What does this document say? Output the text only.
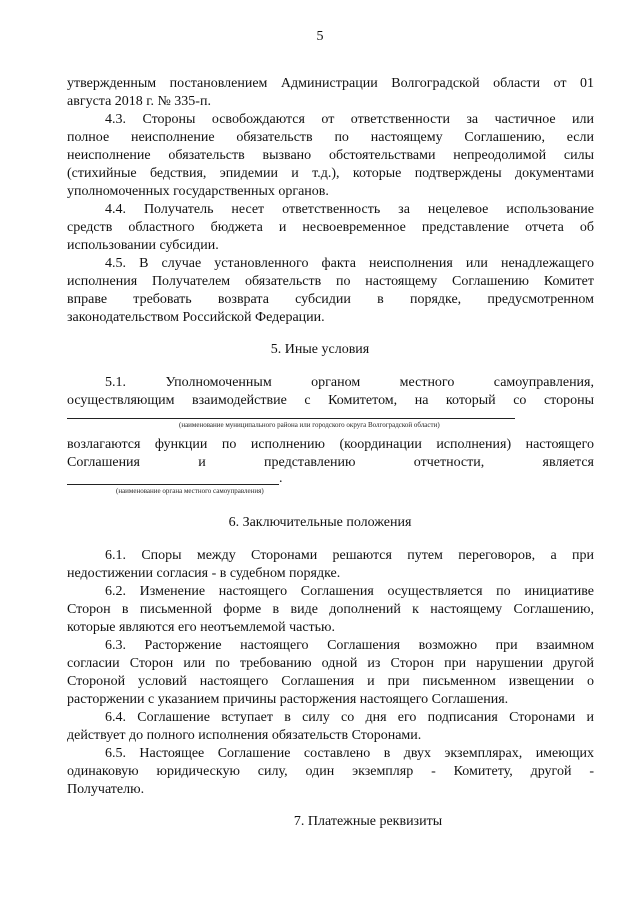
5
утвержденным постановлением Администрации Волгоградской области от 01
августа 2018 г. № 335-п.
4.3. Стороны освобождаются от ответственности за частичное или
полное неисполнение обязательств по настоящему Соглашению, если
неисполнение обязательств вызвано обстоятельствами непреодолимой силы
(стихийные бедствия, эпидемии и т.д.), которые подтверждены документами
уполномоченных государственных органов.
4.4. Получатель несет ответственность за нецелевое использование
средств областного бюджета и несвоевременное представление отчета об
использовании субсидии.
4.5. В случае установленного факта неисполнения или ненадлежащего
исполнения Получателем обязательств по настоящему Соглашению Комитет
вправе требовать возврата субсидии в порядке, предусмотренном
законодательством Российской Федерации.
5. Иные условия
5.1. Уполномоченным органом местного самоуправления,
осуществляющим взаимодействие с Комитетом, на который со стороны
(наименование муниципального района или городского округа Волгоградской области)
возлагаются функции по исполнению (координации исполнения) настоящего
Соглашения и представлению отчетности, является
.
(наименование органа местного самоуправления)
6. Заключительные положения
6.1. Споры между Сторонами решаются путем переговоров, а при
недостижении согласия - в судебном порядке.
6.2. Изменение настоящего Соглашения осуществляется по инициативе
Сторон в письменной форме в виде дополнений к настоящему Соглашению,
которые являются его неотъемлемой частью.
6.3. Расторжение настоящего Соглашения возможно при взаимном
согласии Сторон или по требованию одной из Сторон при нарушении другой
Стороной условий настоящего Соглашения и при письменном извещении о
расторжении с указанием причины расторжения настоящего Соглашения.
6.4. Соглашение вступает в силу со дня его подписания Сторонами и
действует до полного исполнения обязательств Сторонами.
6.5. Настоящее Соглашение составлено в двух экземплярах, имеющих
одинаковую юридическую силу, один экземпляр - Комитету, другой -
Получателю.
7. Платежные реквизиты
